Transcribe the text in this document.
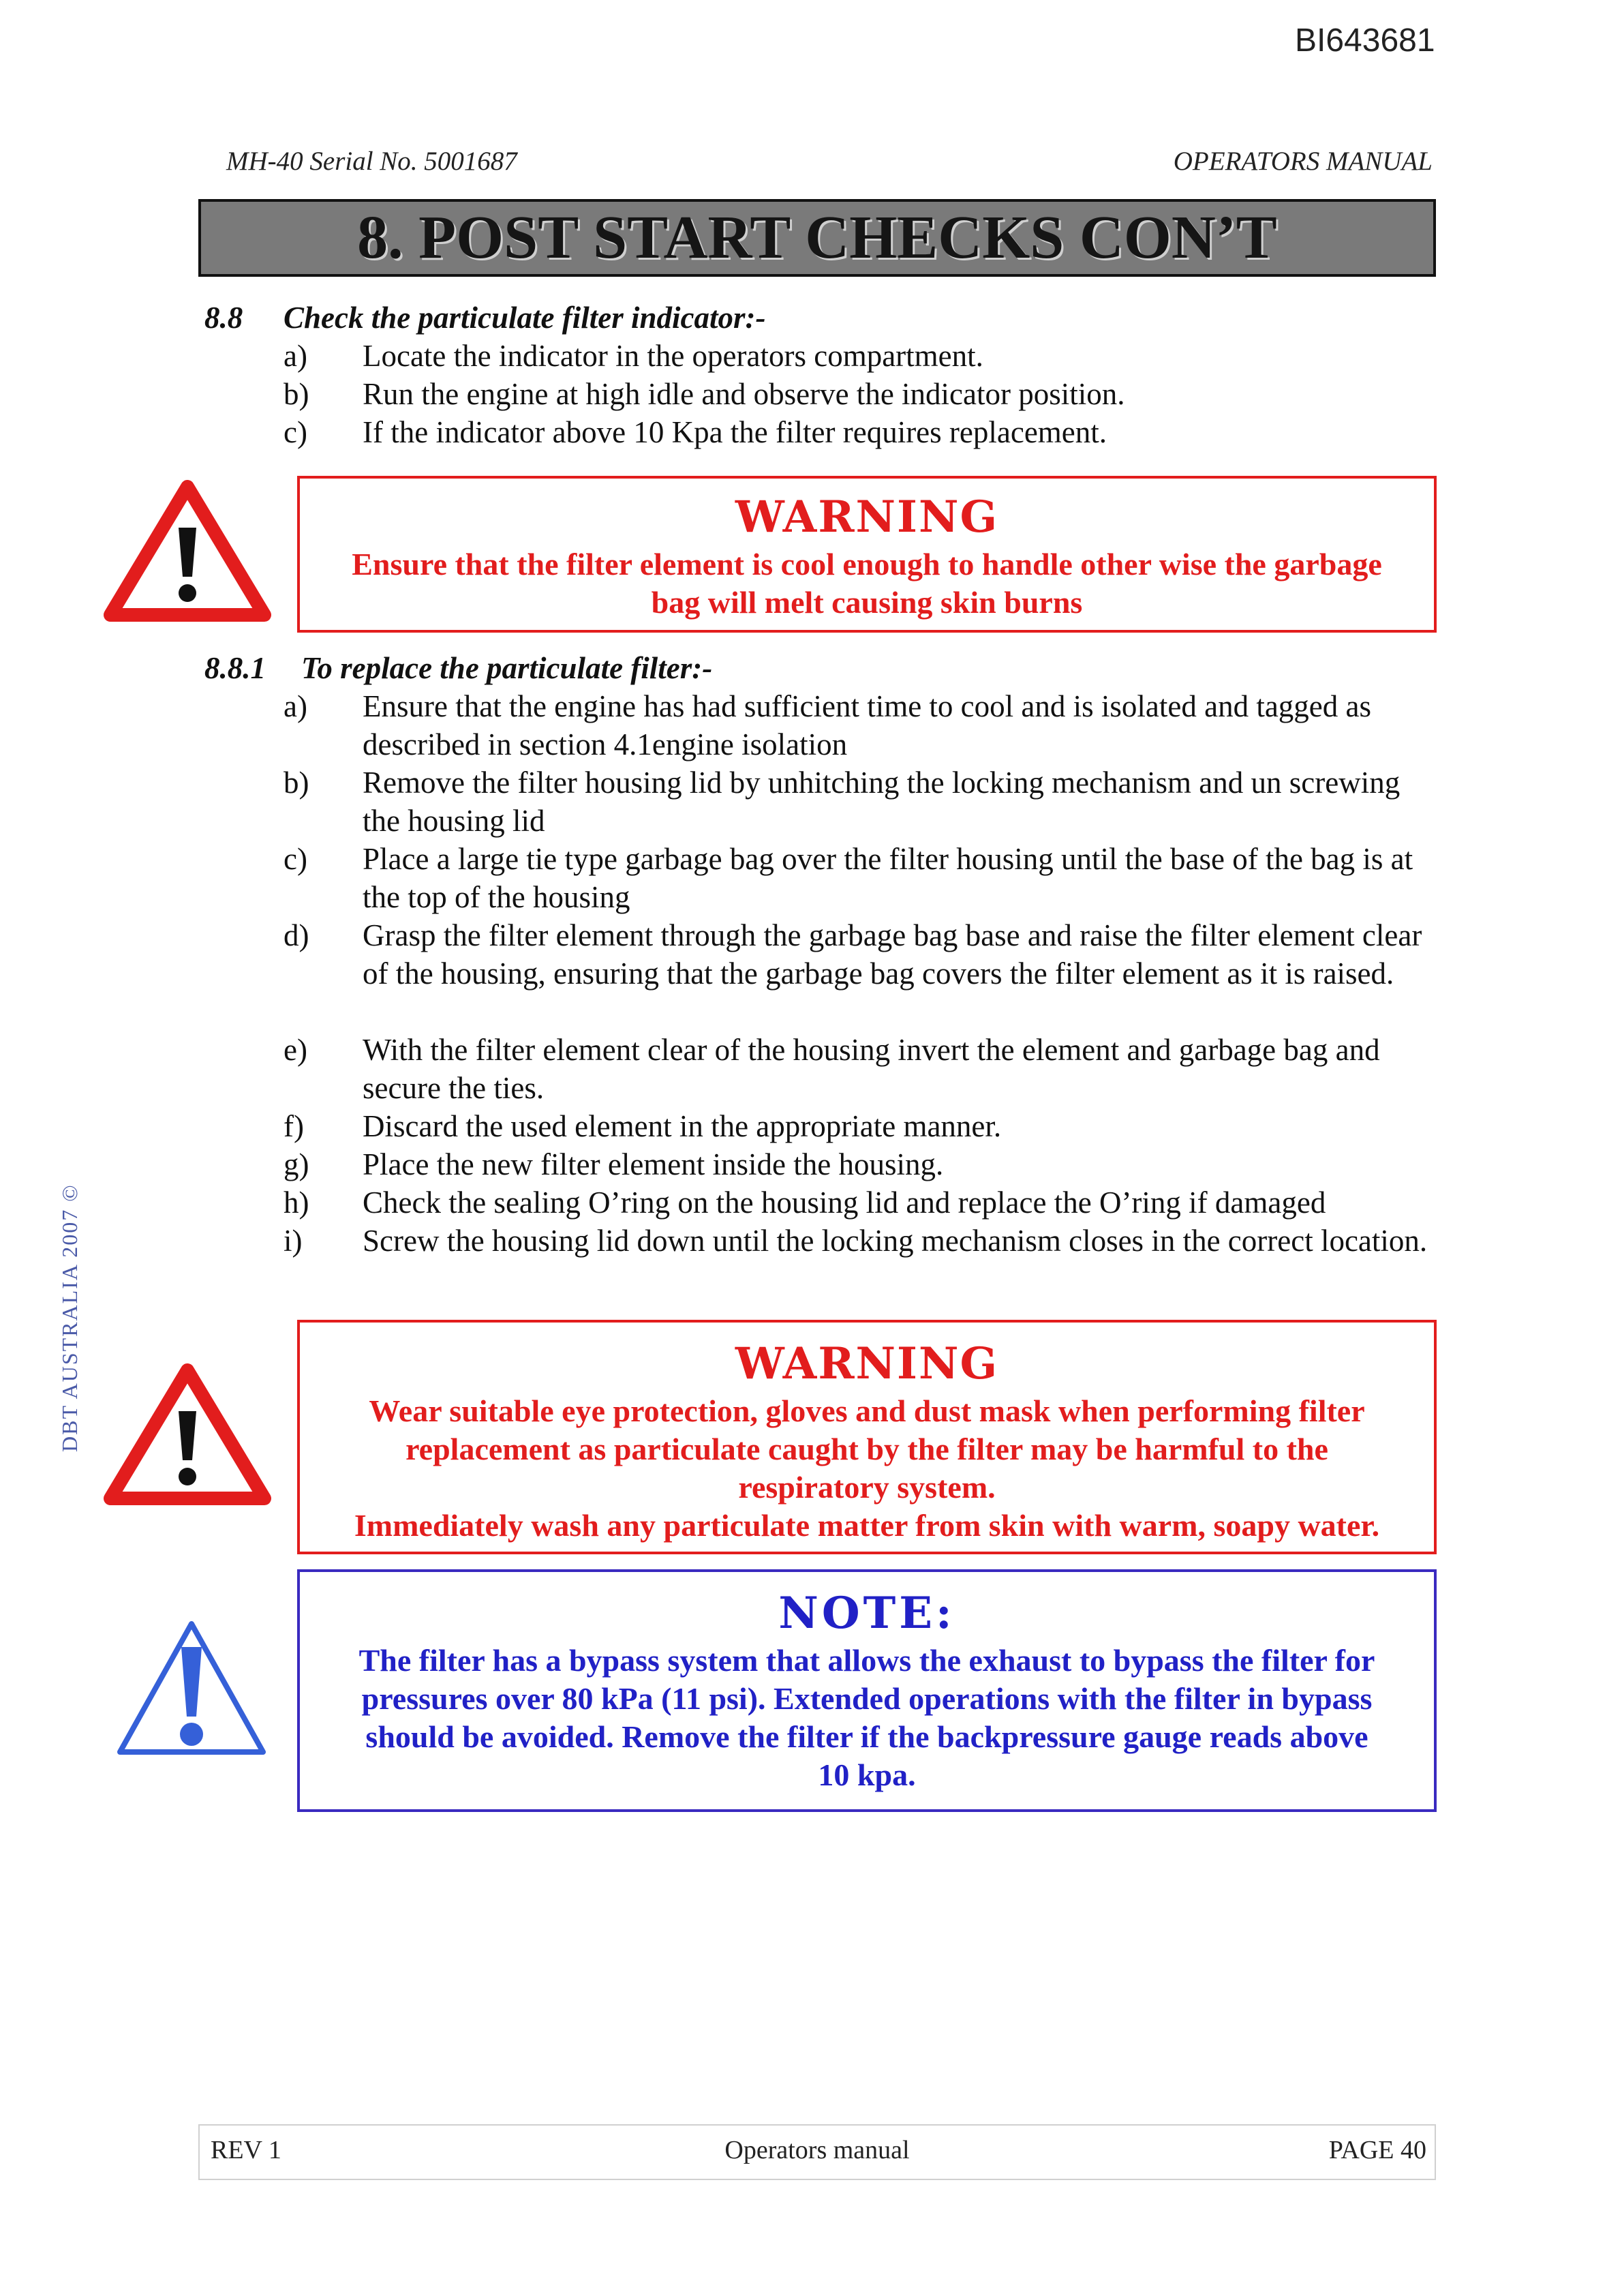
BI643681
MH-40 Serial No. 5001687	OPERATORS MANUAL
8. POST START CHECKS CON’T
8.8 Check the particulate filter indicator:-
a)	Locate the indicator in the operators compartment.
b)	Run the engine at high idle and observe the indicator position.
c)	If the indicator above 10 Kpa the filter requires replacement.
WARNING
Ensure that the filter element is cool enough to handle other wise the garbage
bag will melt causing skin burns
8.8.1 To replace the particulate filter:-
a)	Ensure that the engine has had sufficient time to cool and is isolated and tagged as described in section 4.1engine isolation
b)	Remove the filter housing lid by unhitching the locking mechanism and un screwing the housing lid
c)	Place a large tie type garbage bag over the filter housing until the base of the bag is at the top of the housing
d)	Grasp the filter element through the garbage bag base and raise the filter element clear of the housing, ensuring that the garbage bag covers the filter element as it is raised.
e)	With the filter element clear of the housing invert the element and garbage bag and secure the ties.
f)	Discard the used element in the appropriate manner.
g)	Place the new filter element inside the housing.
h)	Check the sealing O’ring on the housing lid and replace the O’ring if damaged
i)	Screw the housing lid down until the locking mechanism closes in the correct location.
WARNING
Wear suitable eye protection, gloves and dust mask when performing filter
replacement as particulate caught by the filter may be harmful to the
respiratory system.
Immediately wash any particulate matter from skin with warm, soapy water.
NOTE:
The filter has a bypass system that allows the exhaust to bypass the filter for
pressures over 80 kPa (11 psi). Extended operations with the filter in bypass
should be avoided. Remove the filter if the backpressure gauge reads above
10 kpa.
DBT AUSTRALIA 2007 ©
REV 1	Operators manual	PAGE 40
